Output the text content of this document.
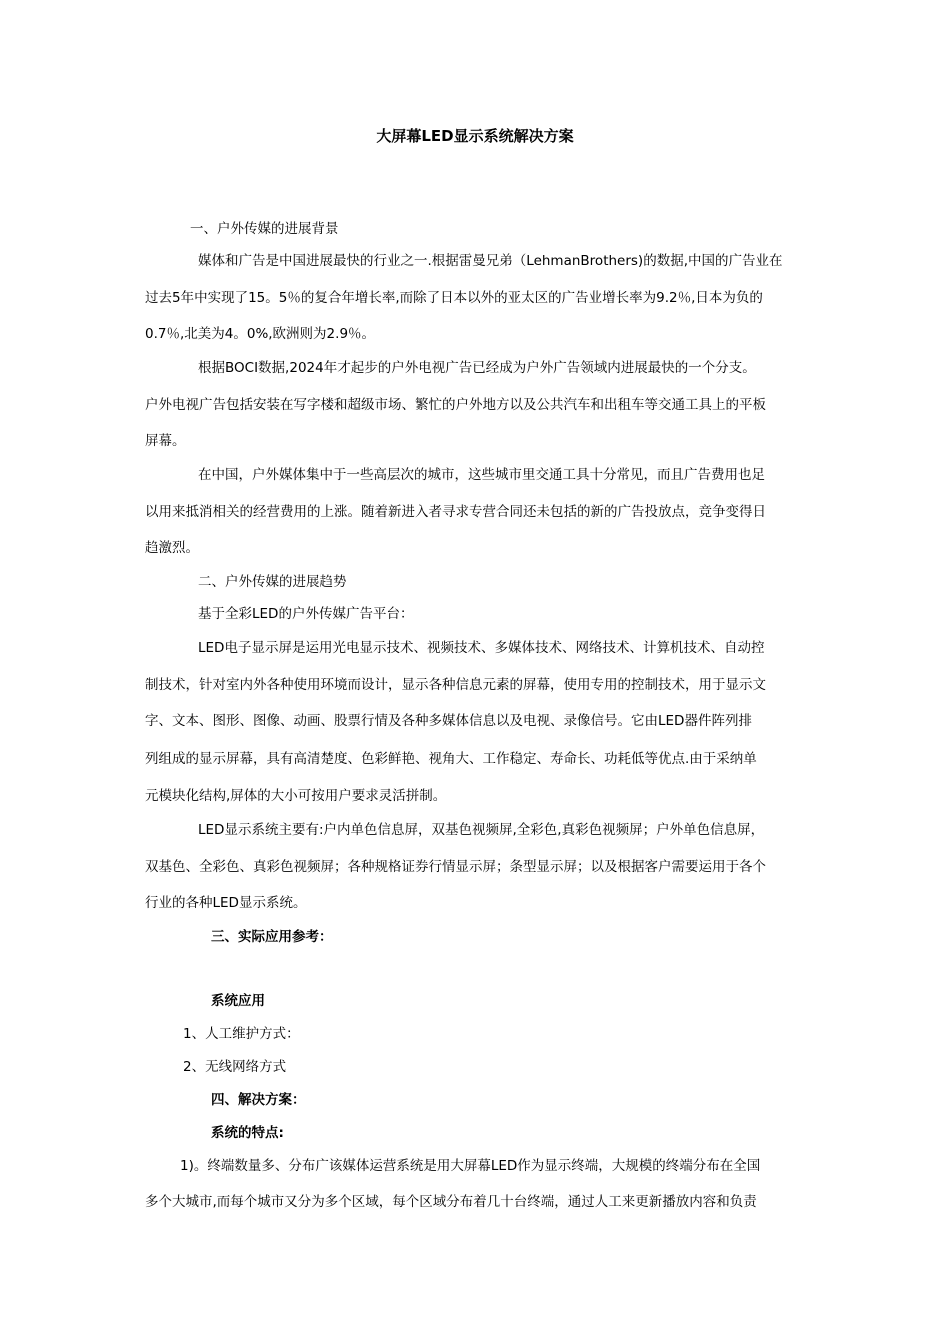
大屏幕LED显示系统解决方案
一、户外传媒的进展背景
媒体和广告是中国进展最快的行业之一.根据雷曼兄弟（LehmanBrothers)的数据,中国的广告业在
过去5年中实现了15。5％的复合年增长率,而除了日本以外的亚太区的广告业增长率为9.2％,日本为负的
0.7％,北美为4。0%,欧洲则为2.9％。
根据BOCI数据,2024年才起步的户外电视广告已经成为户外广告领域内进展最快的一个分支。
户外电视广告包括安装在写字楼和超级市场、繁忙的户外地方以及公共汽车和出租车等交通工具上的平板
屏幕。
在中国，户外媒体集中于一些高层次的城市，这些城市里交通工具十分常见，而且广告费用也足
以用来抵消相关的经营费用的上涨。随着新进入者寻求专营合同还未包括的新的广告投放点，竞争变得日
趋激烈。
二、户外传媒的进展趋势
基于全彩LED的户外传媒广告平台：
LED电子显示屏是运用光电显示技术、视频技术、多媒体技术、网络技术、计算机技术、自动控
制技术，针对室内外各种使用环境而设计，显示各种信息元素的屏幕，使用专用的控制技术，用于显示文
字、文本、图形、图像、动画、股票行情及各种多媒体信息以及电视、录像信号。它由LED器件阵列排
列组成的显示屏幕，具有高清楚度、色彩鲜艳、视角大、工作稳定、寿命长、功耗低等优点.由于采纳单
元模块化结构,屏体的大小可按用户要求灵活拼制。
LED显示系统主要有:户内单色信息屏，双基色视频屏,全彩色,真彩色视频屏；户外单色信息屏，
双基色、全彩色、真彩色视频屏；各种规格证券行情显示屏；条型显示屏；以及根据客户需要运用于各个
行业的各种LED显示系统。
三、实际应用参考：
系统应用
1、人工维护方式：
2、无线网络方式
四、解决方案：
系统的特点:
1)。终端数量多、分布广该媒体运营系统是用大屏幕LED作为显示终端，大规模的终端分布在全国
多个大城市,而每个城市又分为多个区域，每个区域分布着几十台终端，通过人工来更新播放内容和负责
